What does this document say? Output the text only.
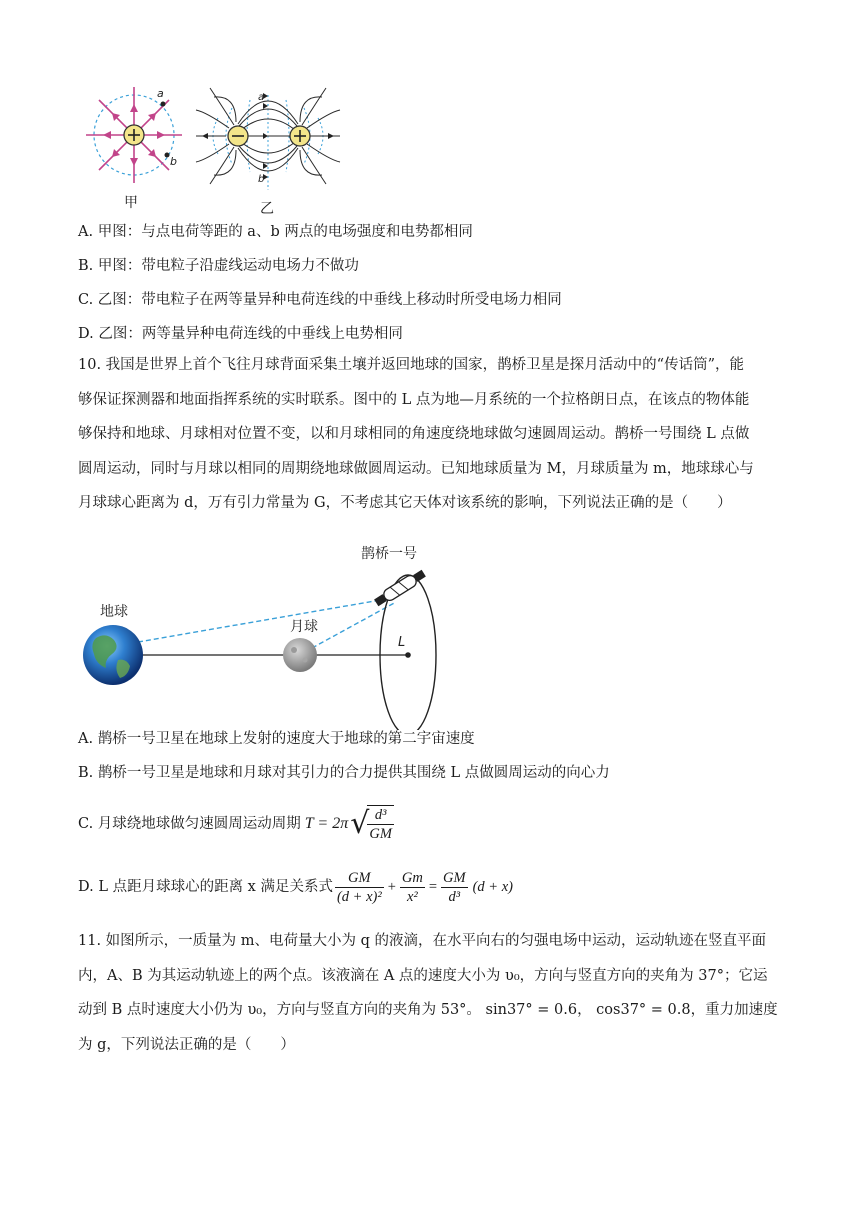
a
b
a
b
甲	乙
A. 甲图：与点电荷等距的 a、b 两点的电场强度和电势都相同
B. 甲图：带电粒子沿虚线运动电场力不做功
C. 乙图：带电粒子在两等量异种电荷连线的中垂线上移动时所受电场力相同
D. 乙图：两等量异种电荷连线的中垂线上电势相同
10. 我国是世界上首个飞往月球背面采集土壤并返回地球的国家，鹊桥卫星是探月活动中的“传话筒”，能
够保证探测器和地面指挥系统的实时联系。图中的 L 点为地—月系统的一个拉格朗日点，在该点的物体能
够保持和地球、月球相对位置不变，以和月球相同的角速度绕地球做匀速圆周运动。鹊桥一号围绕 L 点做
圆周运动，同时与月球以相同的周期绕地球做圆周运动。已知地球质量为 M，月球质量为 m，地球球心与
月球球心距离为 d，万有引力常量为 G，不考虑其它天体对该系统的影响，下列说法正确的是（　　）
地球
月球
鹊桥一号
L
A. 鹊桥一号卫星在地球上发射的速度大于地球的第二宇宙速度
B. 鹊桥一号卫星是地球和月球对其引力的合力提供其围绕 L 点做圆周运动的向心力
C. 月球绕地球做匀速圆周运动周期 T = 2π √
$\frac{\text{d³}}{GM}$
D. L 点距月球球心的距离 x 满足关系式 $\frac{GM}{\text{(d + x)²}} + \frac{Gm}{\text{x²}} = \frac{GM}{\text{d³}} (d + x)$
11. 如图所示，一质量为 m、电荷量大小为 q 的液滴，在水平向右的匀强电场中运动，运动轨迹在竖直平面
内，A、B 为其运动轨迹上的两个点。该液滴在 A 点的速度大小为 υ₀，方向与竖直方向的夹角为 37°；它运
动到 B 点时速度大小仍为 υ₀，方向与竖直方向的夹角为 53°。 sin37° = 0.6， cos37° = 0.8，重力加速度
为 g，下列说法正确的是（　　）
